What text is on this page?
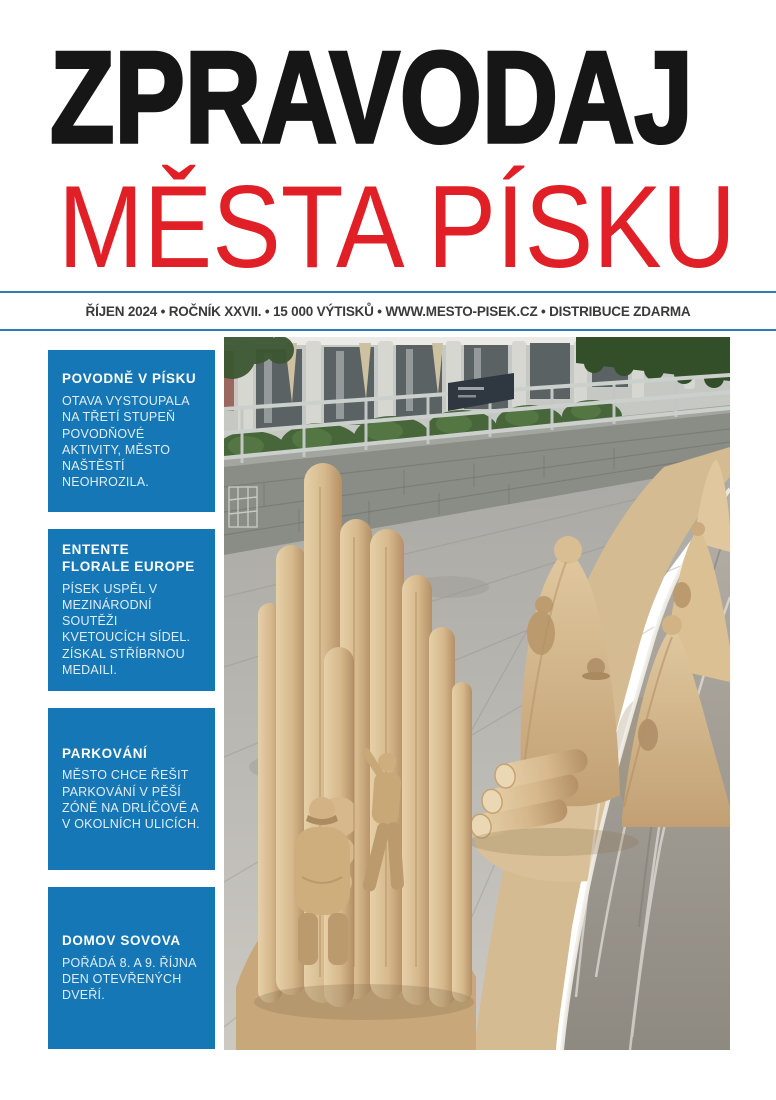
ZPRAVODAJ
MĚSTA PÍSKU
ŘÍJEN 2024 • ROČNÍK XXVII. • 15 000 VÝTISKŮ • WWW.MESTO-PISEK.CZ • DISTRIBUCE ZDARMA
POVODNĚ V PÍSKU

OTAVA VYSTOUPALA NA TŘETÍ STUPEŇ POVODŇOVÉ AKTIVITY, MĚSTO NAŠTĚSTÍ NEOHROZILA.

ENTENTE FLORALE EUROPE

PÍSEK USPĚL V MEZINÁRODNÍ SOUTĚŽI KVETOUCÍCH SÍDEL. ZÍSKAL STŘÍBRNOU MEDAILI.

PARKOVÁNÍ

MĚSTO CHCE ŘEŠIT PARKOVÁNÍ V PĚŠÍ ZÓNĚ NA DRLÍČOVĚ A V OKOLNÍCH ULICÍCH.

DOMOV SOVOVA

POŘÁDÁ 8. A 9. ŘÍJNA DEN OTEVŘENÝCH DVEŘÍ.
